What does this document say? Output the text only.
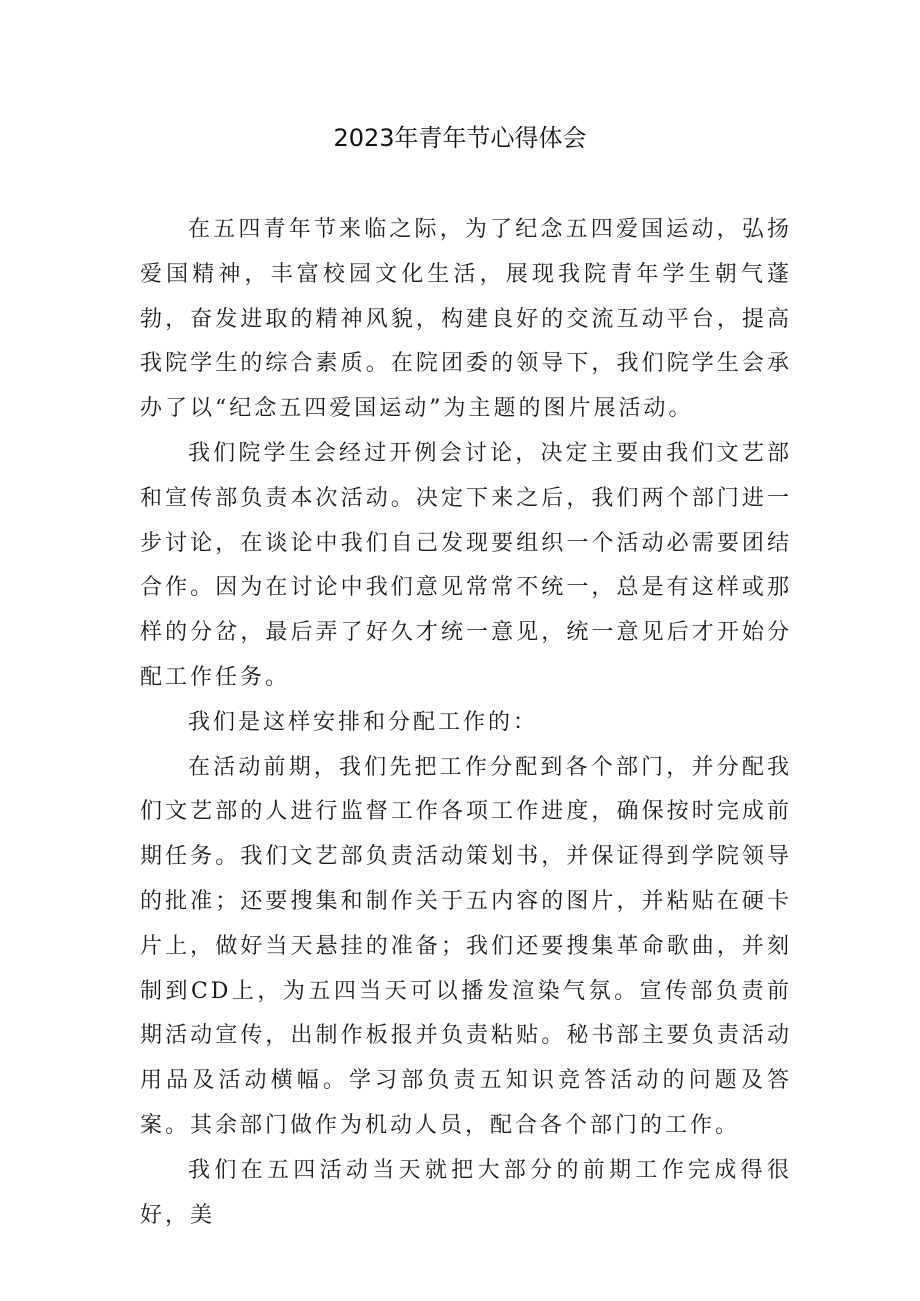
2023年青年节心得体会

在五四青年节来临之际，为了纪念五四爱国运动，弘扬爱国精神，丰富校园文化生活，展现我院青年学生朝气蓬勃，奋发进取的精神风貌，构建良好的交流互动平台，提高我院学生的综合素质。在院团委的领导下，我们院学生会承办了以“纪念五四爱国运动”为主题的图片展活动。

我们院学生会经过开例会讨论，决定主要由我们文艺部和宣传部负责本次活动。决定下来之后，我们两个部门进一步讨论，在谈论中我们自己发现要组织一个活动必需要团结合作。因为在讨论中我们意见常常不统一，总是有这样或那样的分岔，最后弄了好久才统一意见，统一意见后才开始分配工作任务。

我们是这样安排和分配工作的：

在活动前期，我们先把工作分配到各个部门，并分配我们文艺部的人进行监督工作各项工作进度，确保按时完成前期任务。我们文艺部负责活动策划书，并保证得到学院领导的批准；还要搜集和制作关于五内容的图片，并粘贴在硬卡片上，做好当天悬挂的准备；我们还要搜集革命歌曲，并刻制到CD上，为五四当天可以播发渲染气氛。宣传部负责前期活动宣传，出制作板报并负责粘贴。秘书部主要负责活动用品及活动横幅。学习部负责五知识竞答活动的问题及答案。其余部门做作为机动人员，配合各个部门的工作。

我们在五四活动当天就把大部分的前期工作完成得很好，美
